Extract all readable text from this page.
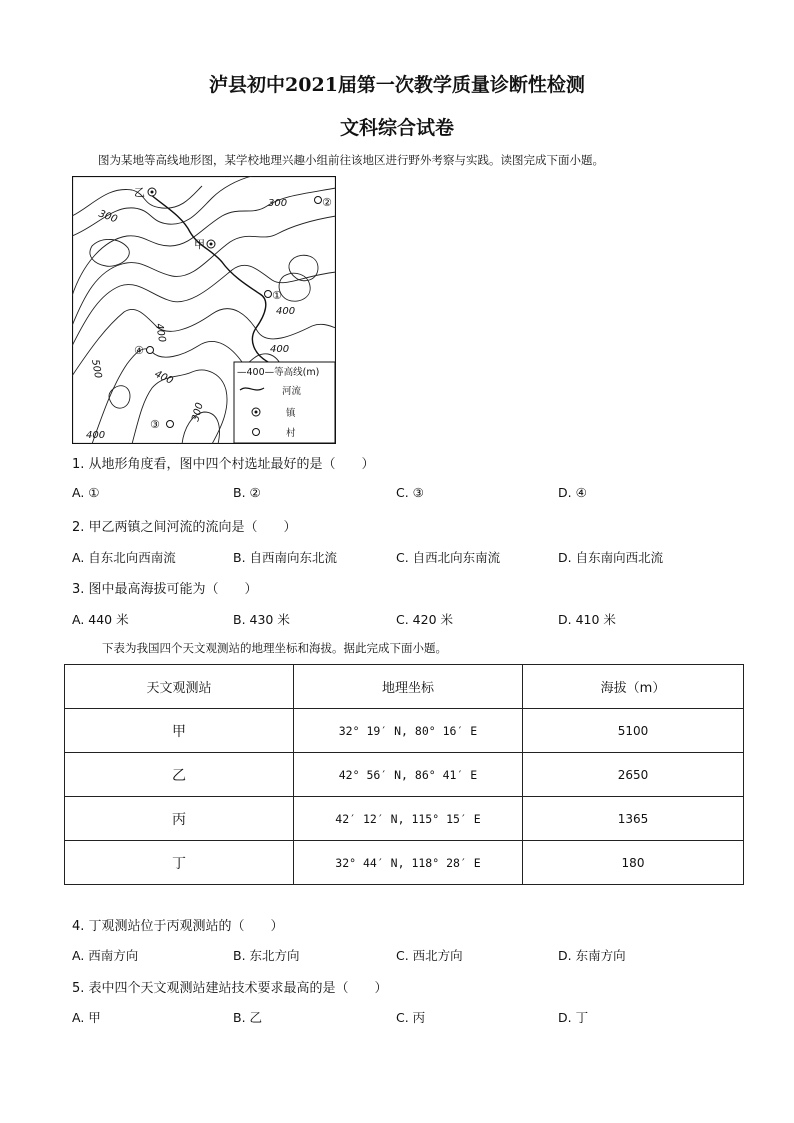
泸县初中2021届第一次教学质量诊断性检测
文科综合试卷
图为某地等高线地形图，某学校地理兴趣小组前往该地区进行野外考察与实践。读图完成下面小题。
300
300
400
400
400
400
300
500
400
乙
甲
①
②
③
④
—400—等高线(m)
河流
镇
村
1. 从地形角度看，图中四个村选址最好的是（　　）
A. ①	B. ②	C. ③	D. ④
2. 甲乙两镇之间河流的流向是（　　）
A. 自东北向西南流	B. 自西南向东北流	C. 自西北向东南流	D. 自东南向西北流
3. 图中最高海拔可能为（　　）
A. 440 米	B. 430 米	C. 420 米	D. 410 米
下表为我国四个天文观测站的地理坐标和海拔。据此完成下面小题。
天文观测站	地理坐标	海拔（m）
甲	32° 19′ N, 80° 16′ E	5100
乙	42° 56′ N, 86° 41′ E	2650
丙	42′ 12′ N, 115° 15′ E	1365
丁	32° 44′ N, 118° 28′ E	180
4. 丁观测站位于丙观测站的（　　）
A. 西南方向	B. 东北方向	C. 西北方向	D. 东南方向
5. 表中四个天文观测站建站技术要求最高的是（　　）
A. 甲	B. 乙	C. 丙	D. 丁
